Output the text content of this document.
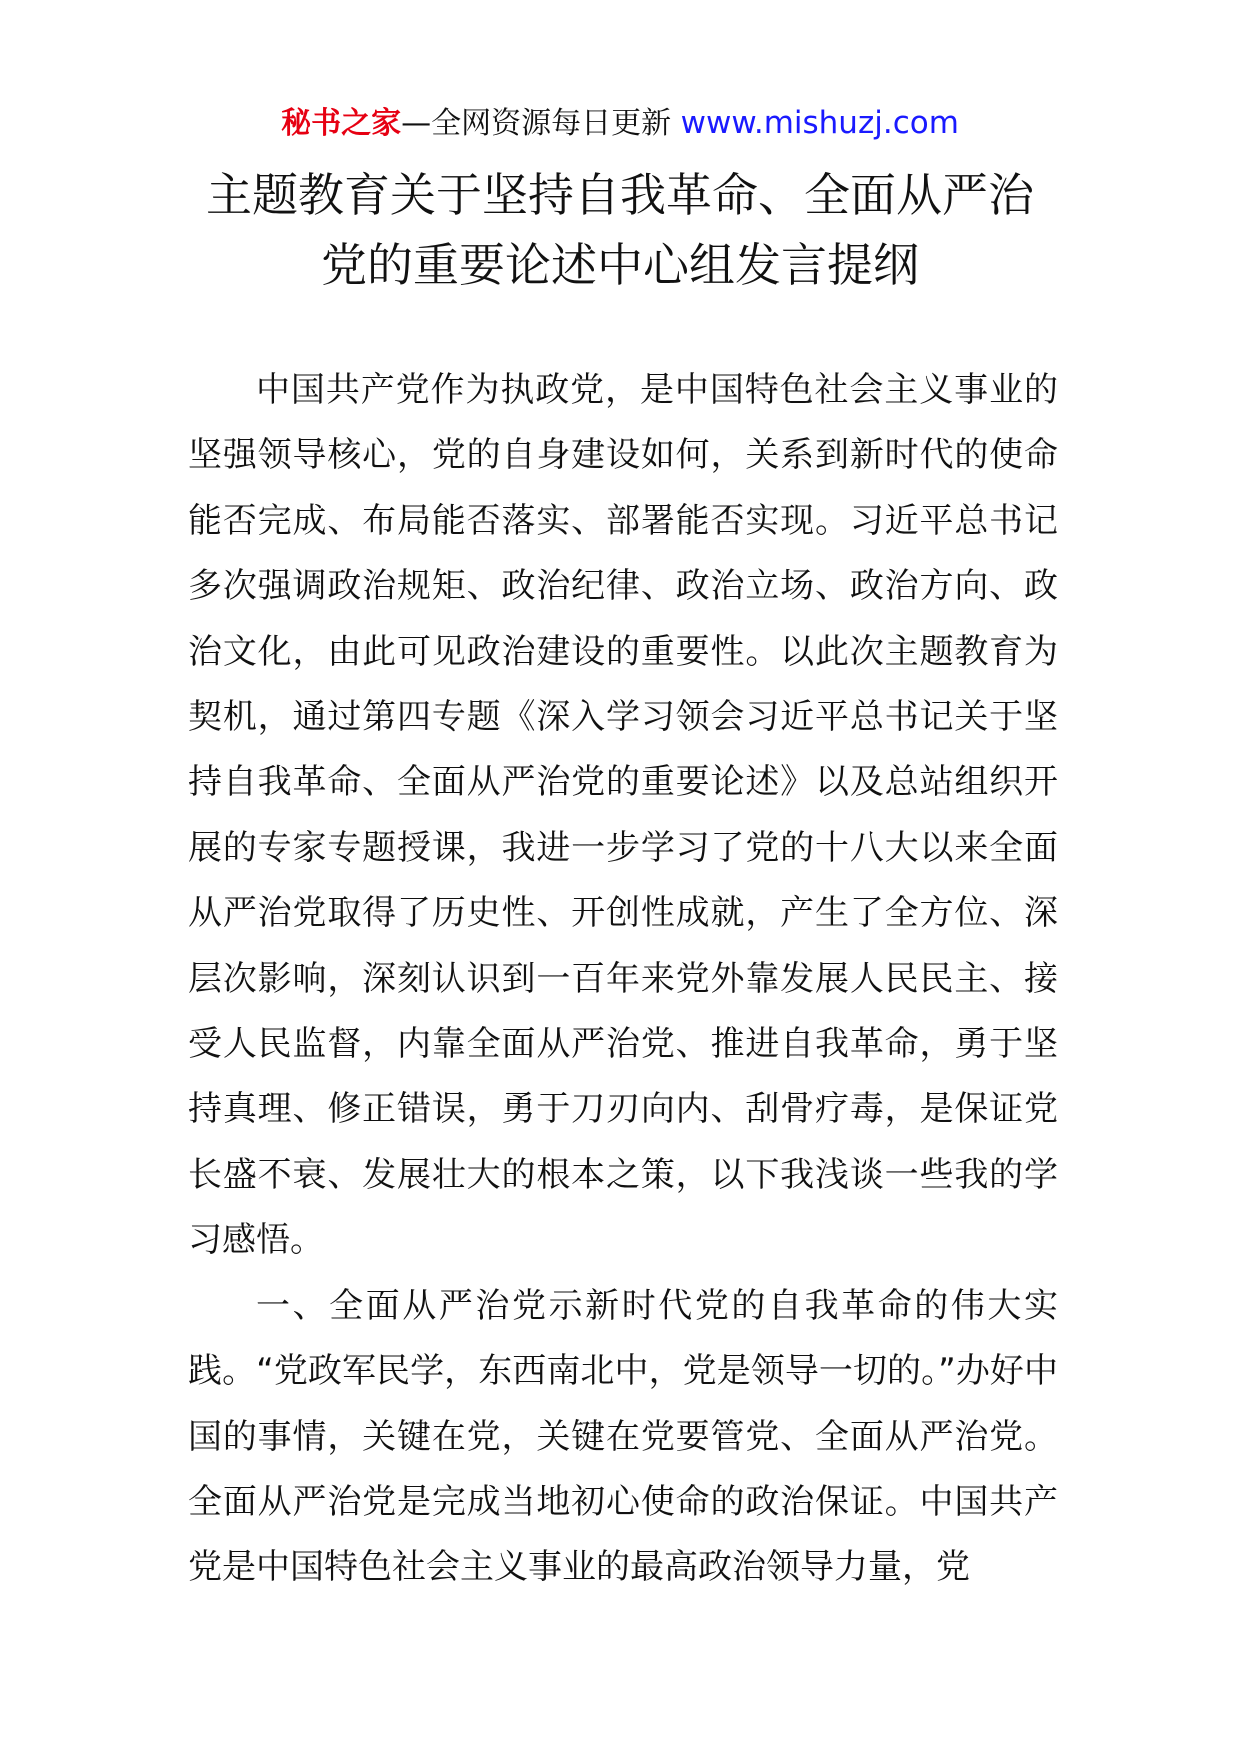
秘书之家—全网资源每日更新 www.mishuzj.com
主题教育关于坚持自我革命、全面从严治
党的重要论述中心组发言提纲

中国共产党作为执政党，是中国特色社会主义事业的坚强领导核心，党的自身建设如何，关系到新时代的使命能否完成、布局能否落实、部署能否实现。习近平总书记多次强调政治规矩、政治纪律、政治立场、政治方向、政治文化，由此可见政治建设的重要性。以此次主题教育为契机，通过第四专题《深入学习领会习近平总书记关于坚持自我革命、全面从严治党的重要论述》以及总站组织开展的专家专题授课，我进一步学习了党的十八大以来全面从严治党取得了历史性、开创性成就，产生了全方位、深层次影响，深刻认识到一百年来党外靠发展人民民主、接受人民监督，内靠全面从严治党、推进自我革命，勇于坚持真理、修正错误，勇于刀刃向内、刮骨疗毒，是保证党长盛不衰、发展壮大的根本之策，以下我浅谈一些我的学习感悟。

一、全面从严治党示新时代党的自我革命的伟大实践。“党政军民学，东西南北中，党是领导一切的。”办好中国的事情，关键在党，关键在党要管党、全面从严治党。全面从严治党是完成当地初心使命的政治保证。中国共产党是中国特色社会主义事业的最高政治领导力量，党
